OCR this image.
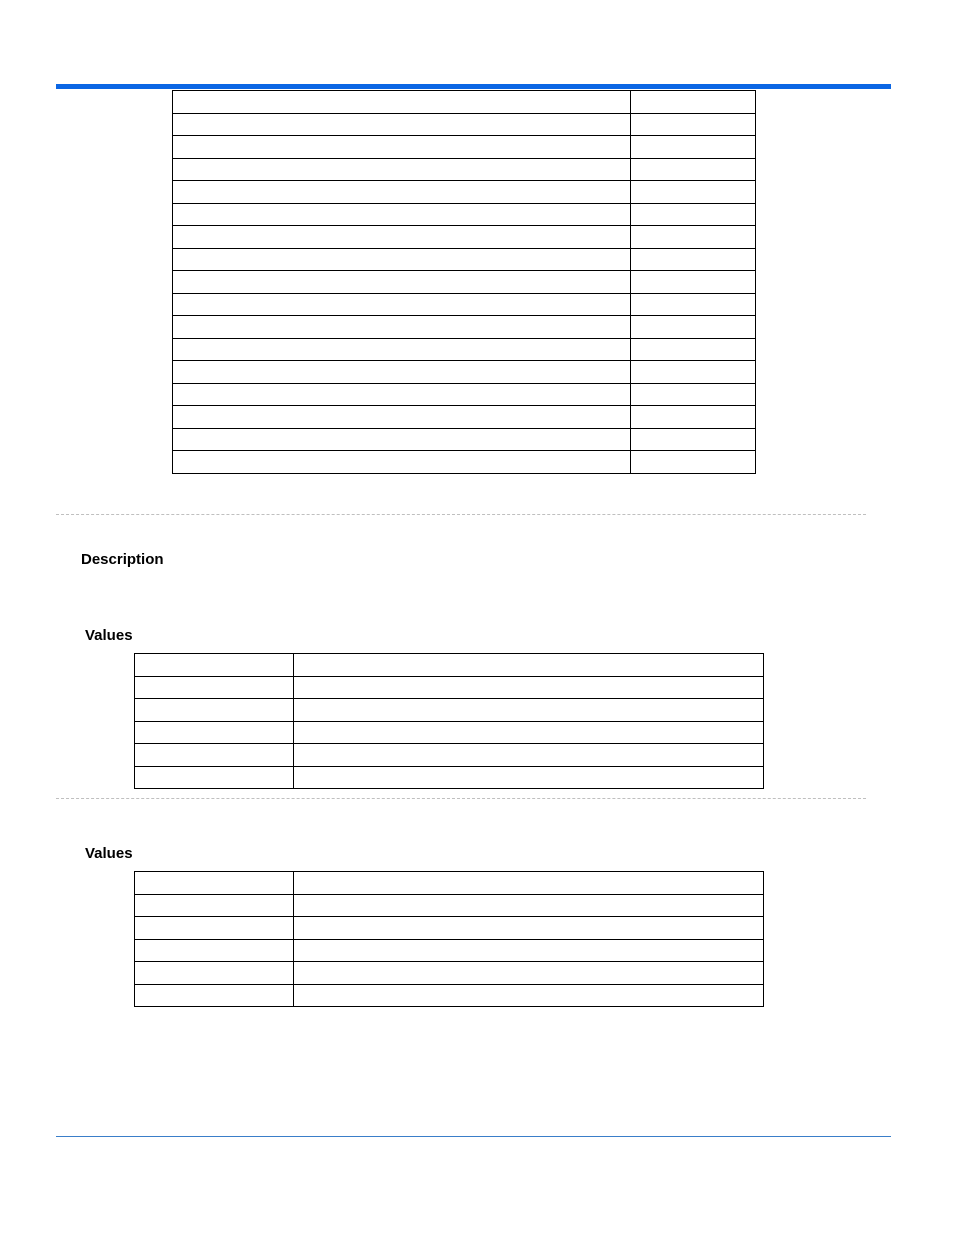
Description
Values

Values
